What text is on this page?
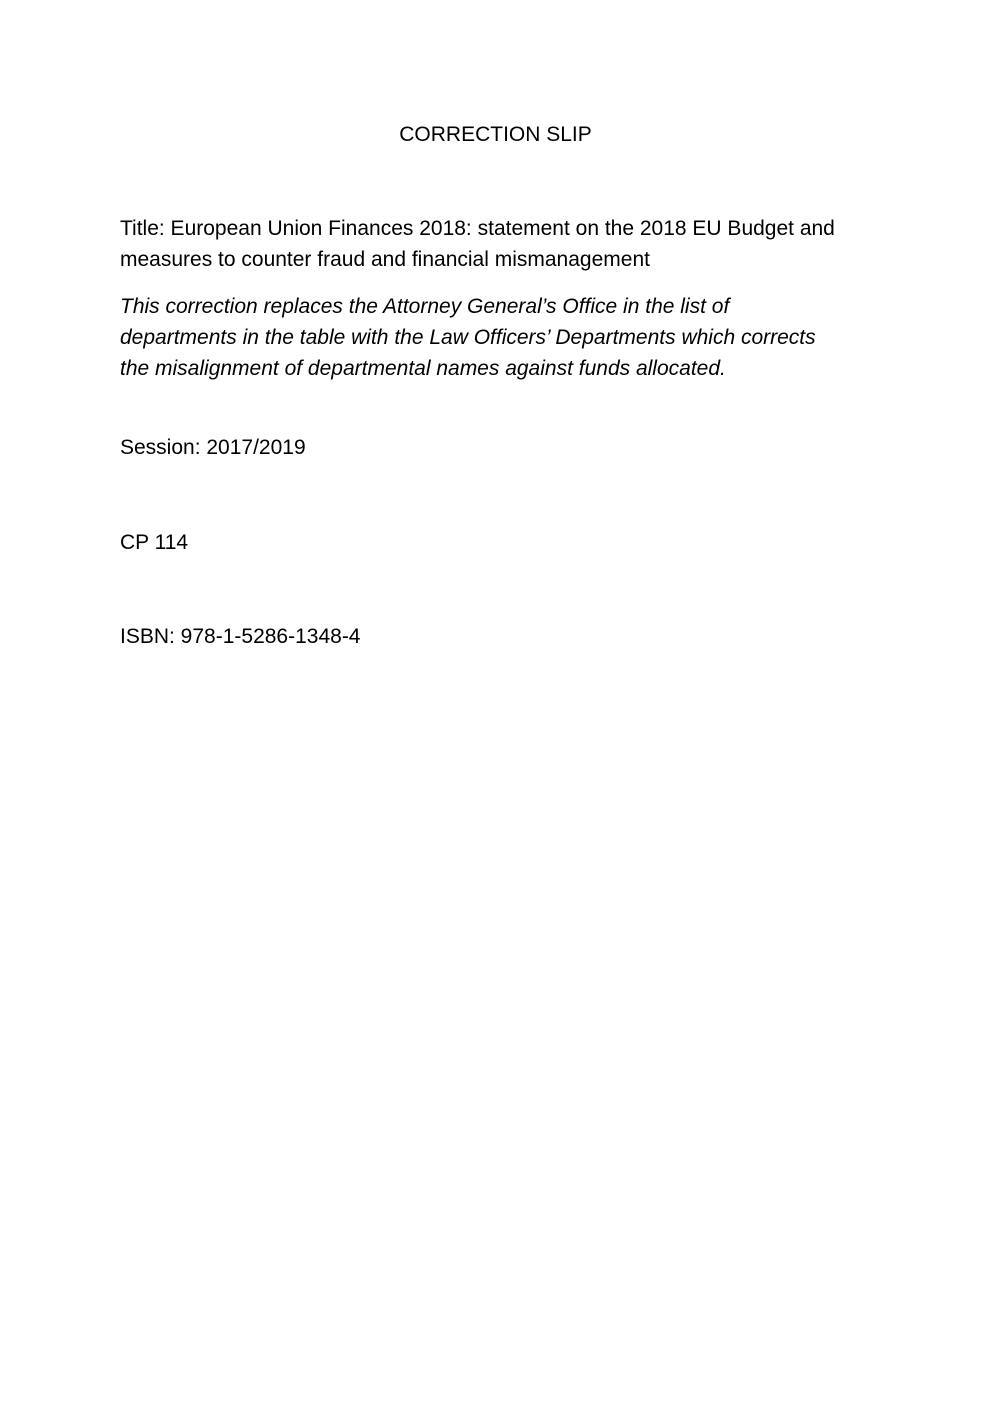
CORRECTION SLIP
Title: European Union Finances 2018: statement on the 2018 EU Budget and measures to counter fraud and financial mismanagement
This correction replaces the Attorney General’s Office in the list of departments in the table with the Law Officers’ Departments which corrects the misalignment of departmental names against funds allocated.
Session: 2017/2019
CP 114
ISBN: 978-1-5286-1348-4
